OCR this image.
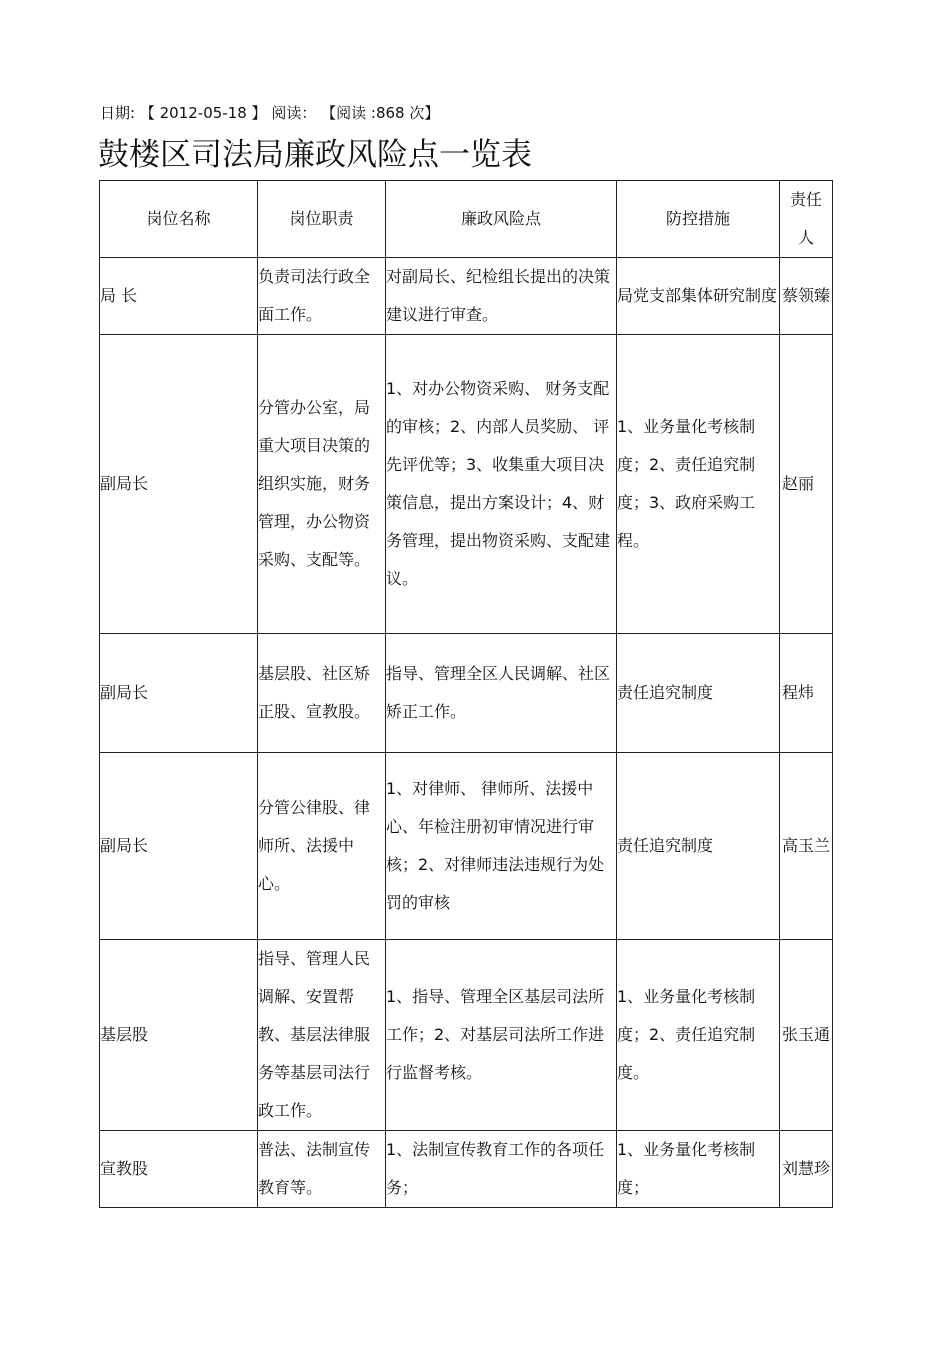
日期: 【 2012-05-18 】 阅读： 【阅读 :868 次】
鼓楼区司法局廉政风险点一览表
岗位名称	岗位职责	廉政风险点	防控措施	责任人

局 长	负责司法行政全面工作。	对副局长、纪检组长提出的决策建议进行审查。	局党支部集体研究制度	蔡领臻

副局长	分管办公室，局重大项目决策的组织实施，财务管理，办公物资采购、支配等。	1、对办公物资采购、 财务支配的审核；2、内部人员奖励、 评先评优等；3、收集重大项目决策信息，提出方案设计；4、财务管理，提出物资采购、支配建议。	1、业务量化考核制度；2、责任追究制度；3、政府采购工程。	赵丽

副局长	基层股、社区矫正股、宣教股。	指导、管理全区人民调解、社区矫正工作。	责任追究制度	程炜

副局长	分管公律股、律师所、法援中心。	1、对律师、 律师所、法援中心、年检注册初审情况进行审核；2、对律师违法违规行为处罚的审核	责任追究制度	高玉兰

基层股	指导、管理人民调解、安置帮教、基层法律服务等基层司法行政工作。	1、指导、管理全区基层司法所工作；2、对基层司法所工作进行监督考核。	1、业务量化考核制度；2、责任追究制度。	张玉通

宣教股	普法、法制宣传教育等。	1、法制宣传教育工作的各项任务；	1、业务量化考核制度；	刘慧珍
